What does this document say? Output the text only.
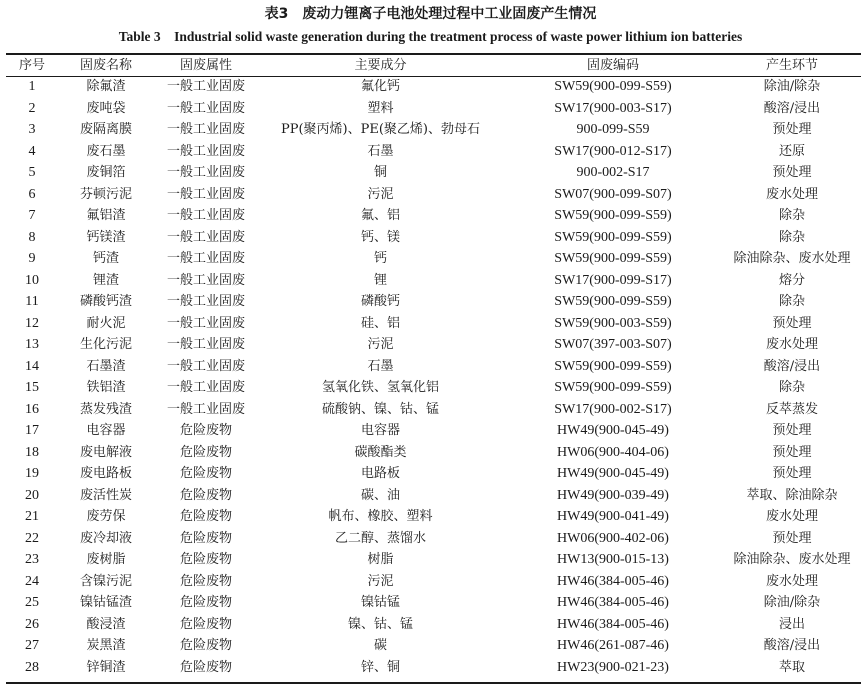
表3　废动力锂离子电池处理过程中工业固废产生情况
Table 3　Industrial solid waste generation during the treatment process of waste power lithium ion batteries
序号	固废名称	固废属性	主要成分	固废编码	产生环节
1	除氟渣	一般工业固废	氟化钙	SW59(900-099-S59)	除油/除杂
2	废吨袋	一般工业固废	塑料	SW17(900-003-S17)	酸溶/浸出
3	废隔离膜	一般工业固废	PP(聚丙烯)、PE(聚乙烯)、勃母石	900-099-S59	预处理
4	废石墨	一般工业固废	石墨	SW17(900-012-S17)	还原
5	废铜箔	一般工业固废	铜	900-002-S17	预处理
6	芬顿污泥	一般工业固废	污泥	SW07(900-099-S07)	废水处理
7	氟铝渣	一般工业固废	氟、铝	SW59(900-099-S59)	除杂
8	钙镁渣	一般工业固废	钙、镁	SW59(900-099-S59)	除杂
9	钙渣	一般工业固废	钙	SW59(900-099-S59)	除油除杂、废水处理
10	锂渣	一般工业固废	锂	SW17(900-099-S17)	熔分
11	磷酸钙渣	一般工业固废	磷酸钙	SW59(900-099-S59)	除杂
12	耐火泥	一般工业固废	硅、铝	SW59(900-003-S59)	预处理
13	生化污泥	一般工业固废	污泥	SW07(397-003-S07)	废水处理
14	石墨渣	一般工业固废	石墨	SW59(900-099-S59)	酸溶/浸出
15	铁铝渣	一般工业固废	氢氧化铁、氢氧化铝	SW59(900-099-S59)	除杂
16	蒸发残渣	一般工业固废	硫酸钠、镍、钴、锰	SW17(900-002-S17)	反萃蒸发
17	电容器	危险废物	电容器	HW49(900-045-49)	预处理
18	废电解液	危险废物	碳酸酯类	HW06(900-404-06)	预处理
19	废电路板	危险废物	电路板	HW49(900-045-49)	预处理
20	废活性炭	危险废物	碳、油	HW49(900-039-49)	萃取、除油除杂
21	废劳保	危险废物	帆布、橡胶、塑料	HW49(900-041-49)	废水处理
22	废冷却液	危险废物	乙二醇、蒸馏水	HW06(900-402-06)	预处理
23	废树脂	危险废物	树脂	HW13(900-015-13)	除油除杂、废水处理
24	含镍污泥	危险废物	污泥	HW46(384-005-46)	废水处理
25	镍钴锰渣	危险废物	镍钴锰	HW46(384-005-46)	除油/除杂
26	酸浸渣	危险废物	镍、钴、锰	HW46(384-005-46)	浸出
27	炭黑渣	危险废物	碳	HW46(261-087-46)	酸溶/浸出
28	锌铜渣	危险废物	锌、铜	HW23(900-021-23)	萃取
